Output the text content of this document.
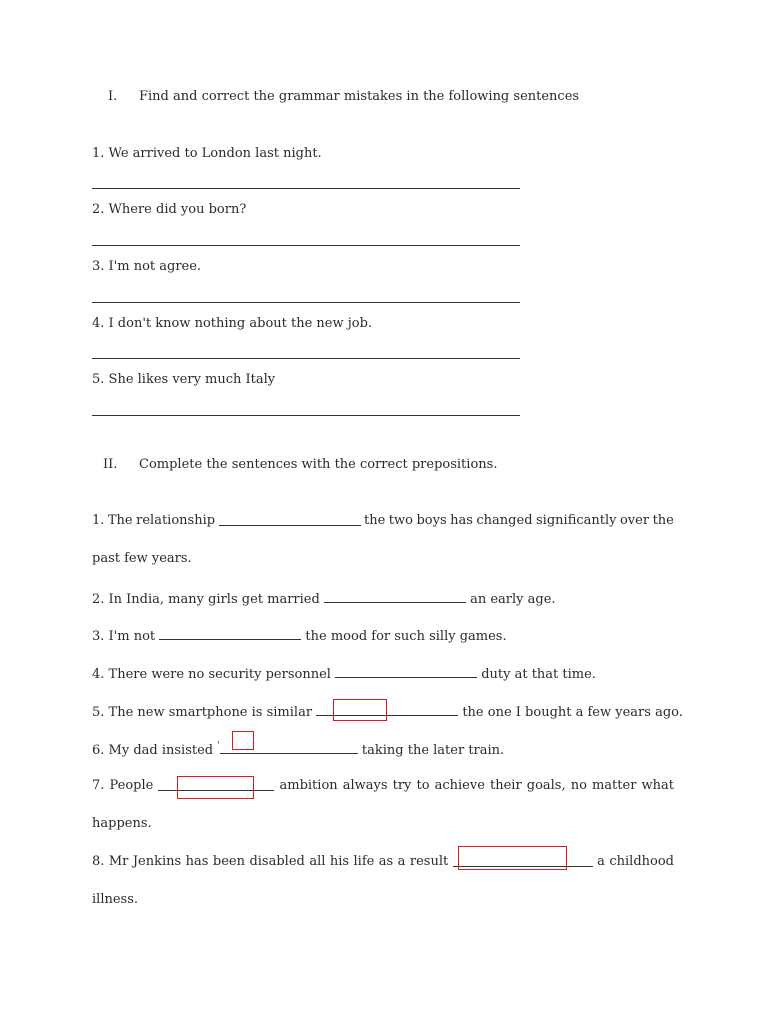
I.	Find and correct the grammar mistakes in the following sentences
1. We arrived to London last night.
2. Where did you born?
3. I'm not agree.
4. I don't know nothing about the new job.
5. She likes very much Italy
II.	Complete the sentences with the correct prepositions.
1. The relationship	the two boys has changed significantly over the
past few years.
2. In India, many girls get married	an early age.
3. I'm not	the mood for such silly games.
4. There were no security personnel	duty at that time.
5. The new smartphone is similar	the one I bought a few years ago.
6. My dad insisted '	taking the later train.
7. People	ambition always try to achieve their goals, no matter what
happens.
8. Mr Jenkins has been disabled all his life as a result	a childhood
illness.
